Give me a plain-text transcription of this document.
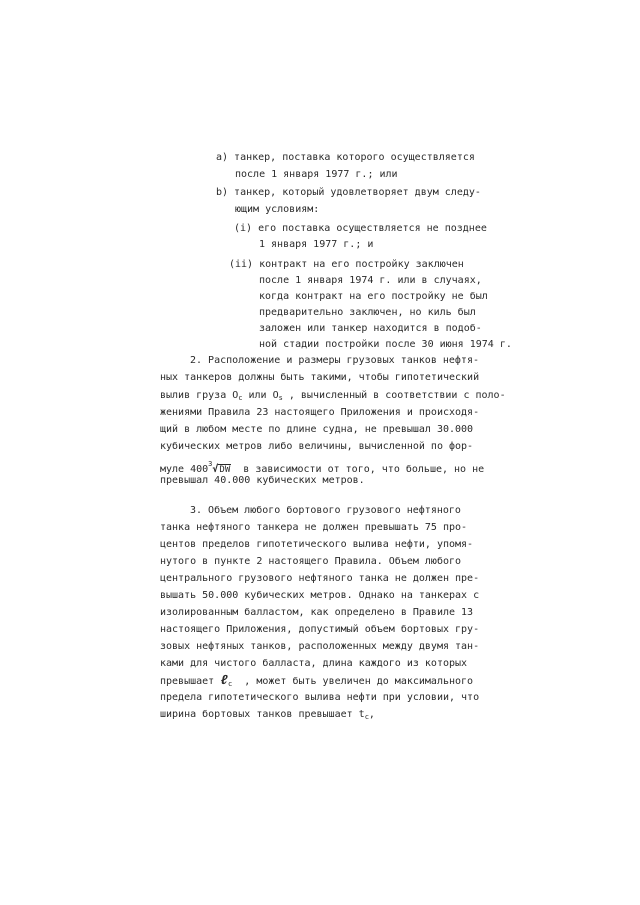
а) танкер, поставка которого осуществляется
после 1 января 1977 г.; или
b) танкер, который удовлетворяет двум следу-
ющим условиям:
(i) его поставка осуществляется не позднее
1 января 1977 г.; и
(ii) контракт на его постройку заключен
после 1 января 1974 г. или в случаях,
когда контракт на его постройку не был
предварительно заключен, но киль был
заложен или танкер находится в подоб-
ной стадии постройки после 30 июня 1974 г.
2. Расположение и размеры грузовых танков нефтя-
ных танкеров должны быть такими, чтобы гипотетический
вылив груза $O_c$ или $O_s$ , вычисленный в соответствии с поло-
жениями Правила 23 настоящего Приложения и происходя-
щий в любом месте по длине судна, не превышал 30.000
кубических метров либо величины, вычисленной по фор-
муле $400^3√DW$  в зависимости от того, что больше, но не
превышал 40.000 кубических метров.
3. Объем любого бортового грузового нефтяного
танка нефтяного танкера не должен превышать 75 про-
центов пределов гипотетического вылива нефти, упомя-
нутого в пункте 2 настоящего Правила. Объем любого
центрального грузового нефтяного танка не должен пре-
вышать 50.000 кубических метров. Однако на танкерах с
изолированным балластом, как определено в Правиле 13
настоящего Приложения, допустимый объем бортовых гру-
зовых нефтяных танков, расположенных между двумя тан-
ками для чистого балласта, длина каждого из которых
превышает ℓ$_c$  , может быть увеличен до максимального
предела гипотетического вылива нефти при условии, что
ширина бортовых танков превышает $t_c$,
